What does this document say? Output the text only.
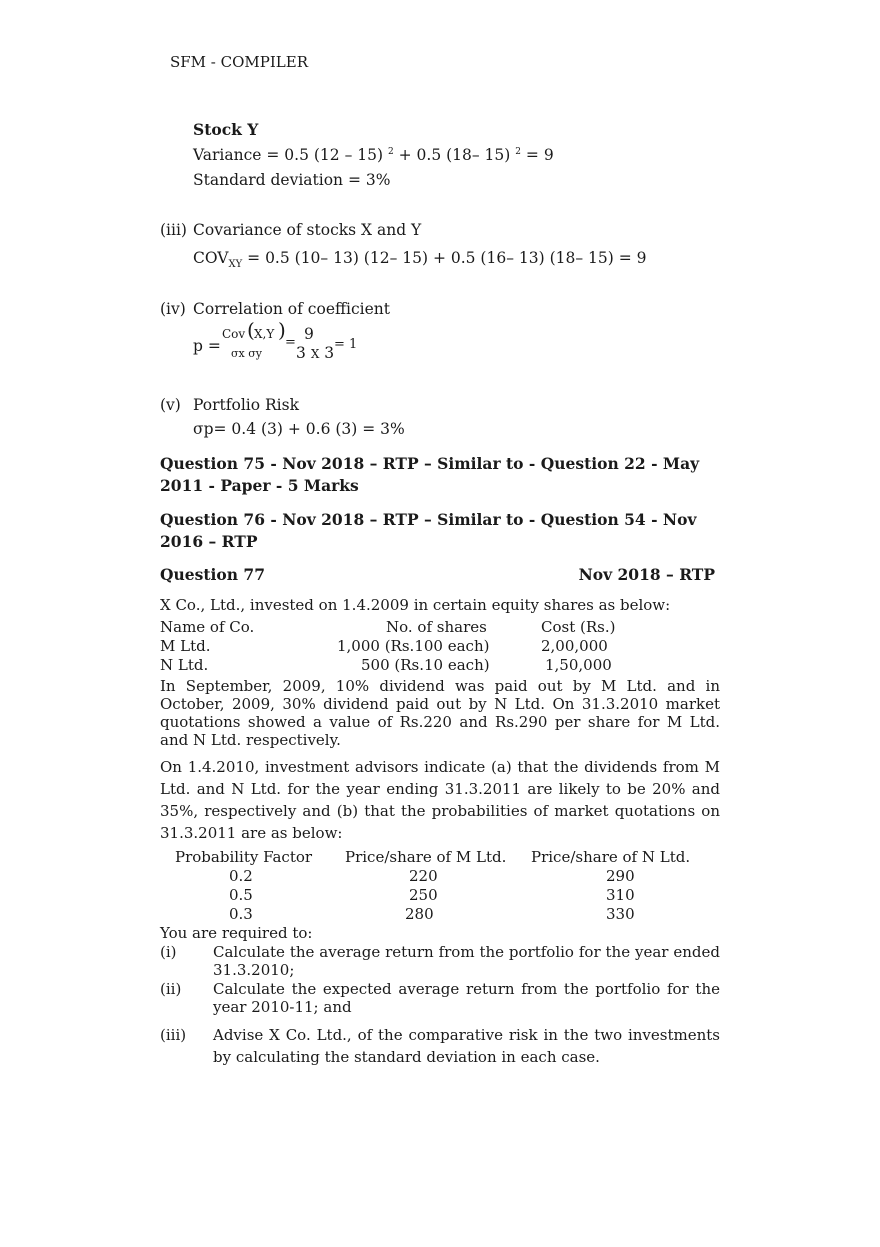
SFM - COMPILER
Stock Y
Variance = 0.5 (12 – 15) $^2$ + 0.5 (18– 15) $^2$ = 9
Standard deviation = 3%
(iii) Covariance of stocks X and Y
$COV_{XY} = 0.5$ (10– 13) (12– 15) + 0.5 (16– 13) (18– 15) = 9
(iv) Correlation of coefficient
p =
Cov ( X,Y )
σx σy
= 9
3 X 3 = 1
(v) Portfolio Risk
σp= 0.4 (3) + 0.6 (3) = 3%
Question 75 - Nov 2018 – RTP – Similar to - Question 22 - May 2011 - Paper - 5 Marks
Question 76 - Nov 2018 – RTP – Similar to - Question 54 - Nov 2016 – RTP
Question 77	Nov 2018 – RTP
X Co., Ltd., invested on 1.4.2009 in certain equity shares as below:
Name of Co.	No. of shares	Cost (Rs.)
M Ltd.	1,000 (Rs.100 each)	2,00,000
N Ltd.	500 (Rs.10 each)	1,50,000
In September, 2009, 10% dividend was paid out by M Ltd. and in October, 2009, 30% dividend paid out by N Ltd. On 31.3.2010 market quotations showed a value of Rs.220 and Rs.290 per share for M Ltd. and N Ltd. respectively.
On 1.4.2010, investment advisors indicate (a) that the dividends from M Ltd. and N Ltd. for the year ending 31.3.2011 are likely to be 20% and 35%, respectively and (b) that the probabilities of market quotations on 31.3.2011 are as below:
Probability Factor Price/share of M Ltd. Price/share of N Ltd.
0.2	220	290
0.5	250	310
0.3	280	330
You are required to:
(i) Calculate the average return from the portfolio for the year ended 31.3.2010;
(ii) Calculate the expected average return from the portfolio for the year 2010-11; and
(iii) Advise X Co. Ltd., of the comparative risk in the two investments by calculating the standard deviation in each case.
